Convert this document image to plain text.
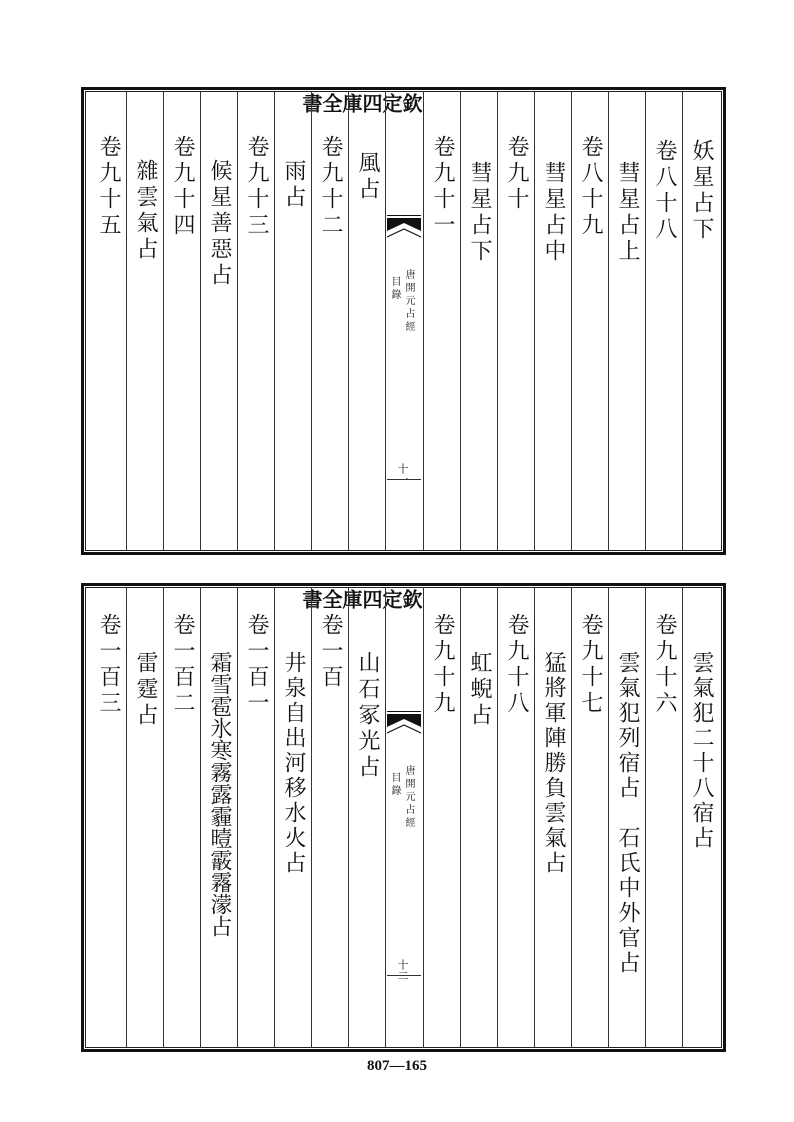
妖星占下
卷八十八
彗星占上
卷八十九
彗星占中
卷九十
彗星占下
卷九十一
欽
定
四
庫
全
書
唐開元占經
目錄
十一
風占
卷九十二
雨占
卷九十三
候星善惡占
卷九十四
雜雲氣占
卷九十五
雲氣犯二十八宿占
卷九十六
雲氣犯列宿占　石氏中外官占
卷九十七
猛將軍陣勝負雲氣占
卷九十八
虹蜺占
卷九十九
欽
定
四
庫
全
書
唐開元占經
目錄
十二
山石冢光占
卷一百
井泉自出河移水火占
卷一百一
霜雪雹氷寒霧露霾曀霰霿濛占
卷一百二
雷霆占
卷一百三
807—165
